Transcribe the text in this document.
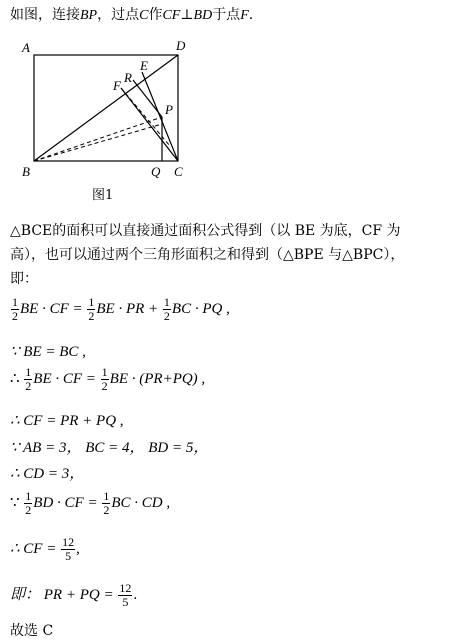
如图，连接BP，过点C作CF⊥BD于点F.
A	D
B	C
E
R
F
P
Q
图1
△BCE的面积可以直接通过面积公式得到（以 BE 为底，CF 为
高），也可以通过两个三角形面积之和得到（△BPE 与△BPC），
即：
$\frac{1}{2}$ BE · CF = $\frac{1}{2}$ BE · PR + $\frac{1}{2}$ BC · PQ ,
∵ BE = BC ,
∴ $\frac{1}{2}$ BE · CF = $\frac{1}{2}$ BE · (PR+PQ) ,
∴ CF = PR + PQ ,
∵ AB = 3， BC = 4， BD = 5，
∴ CD = 3，
∵ $\frac{1}{2}$ BD · CF = $\frac{1}{2}$ BC · CD ,
∴ CF = $\frac{12}{5}$ ,
即： PR + PQ = $\frac{12}{5}$ .
故选 C
